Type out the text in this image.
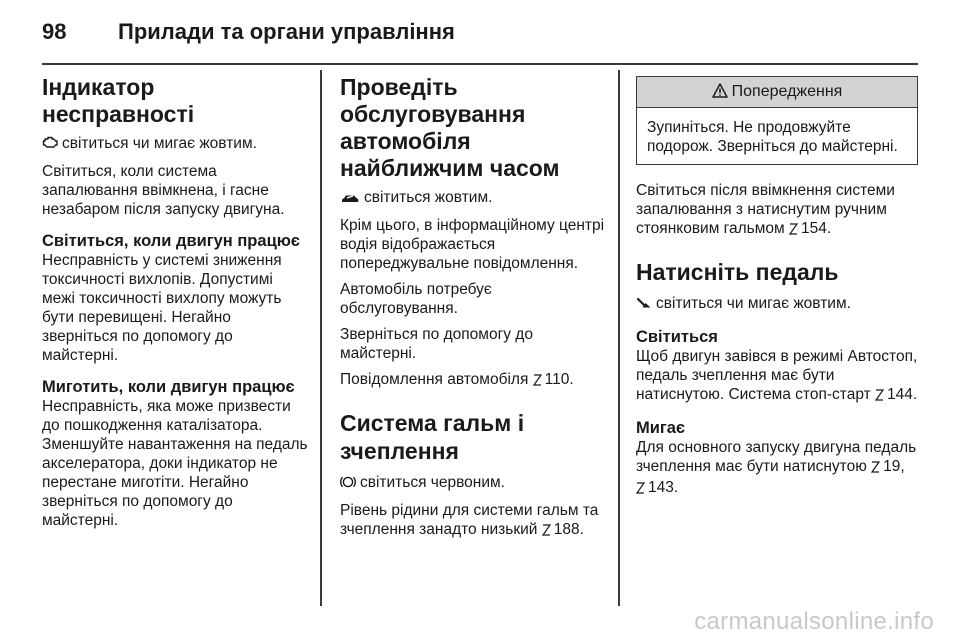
98	Прилади та органи управління
Індикатор несправності

світиться чи мигає жовтим.

Світиться, коли система запалювання ввімкнена, і гасне незабаром після запуску двигуна.

Світиться, коли двигун працює

Несправність у системі зниження токсичності вихлопів. Допустимі межі токсичності вихлопу можуть бути перевищені. Негайно зверніться по допомогу до майстерні.

Миготить, коли двигун працює

Несправність, яка може призвести до пошкодження каталізатора. Зменшуйте навантаження на педаль акселератора, доки індикатор не перестане миготіти. Негайно зверніться по допомогу до майстерні.

Проведіть обслуговування автомобіля найближчим часом

світиться жовтим.

Крім цього, в інформаційному центрі водія відображається попереджувальне повідомлення.

Автомобіль потребує обслуговування.

Зверніться по допомогу до майстерні.

Повідомлення автомобіля 110.

Система гальм і зчеплення

світиться червоним.

Рівень рідини для системи гальм та зчеплення занадто низький 188.

Попередження

Зупиніться. Не продовжуйте подорож. Зверніться до майстерні.

Світиться після ввімкнення системи запалювання з натиснутим ручним стоянковим гальмом 154.

Натисніть педаль

світиться чи мигає жовтим.

Світиться

Щоб двигун завівся в режимі Автостоп, педаль зчеплення має бути натиснутою. Система стоп-старт 144.

Мигає

Для основного запуску двигуна педаль зчеплення має бути натиснутою 19, 143.

carmanualsonline.info
